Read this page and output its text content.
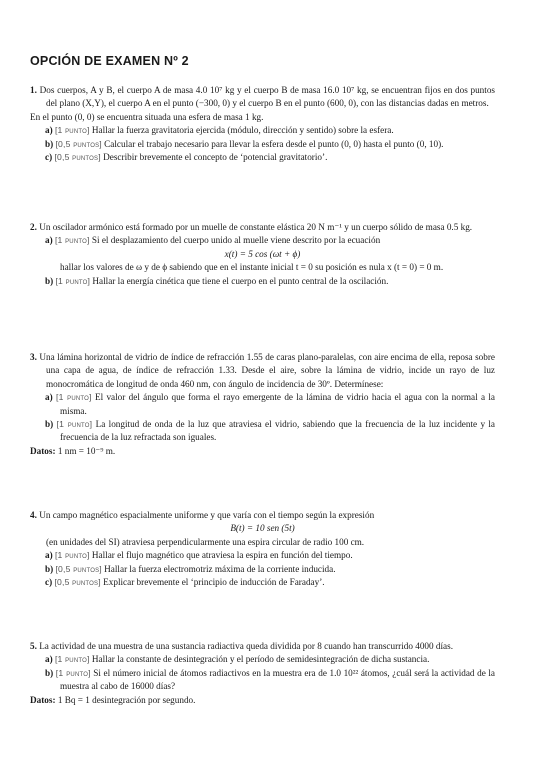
OPCIÓN DE EXAMEN Nº 2

1. Dos cuerpos, A y B, el cuerpo A de masa 4.0 10⁷ kg y el cuerpo B de masa 16.0 10⁷ kg, se encuentran fijos en dos puntos del plano (X,Y), el cuerpo A en el punto (−300, 0) y el cuerpo B en el punto (600, 0), con las distancias dadas en metros.

En el punto (0, 0) se encuentra situada una esfera de masa 1 kg.

a) [1 punto] Hallar la fuerza gravitatoria ejercida (módulo, dirección y sentido) sobre la esfera.

b) [0,5 puntos] Calcular el trabajo necesario para llevar la esfera desde el punto (0, 0) hasta el punto (0, 10).

c) [0,5 puntos] Describir brevemente el concepto de ‘potencial gravitatorio’.

2. Un oscilador armónico está formado por un muelle de constante elástica 20 N m⁻¹ y un cuerpo sólido de masa 0.5 kg.

a) [1 punto] Si el desplazamiento del cuerpo unido al muelle viene descrito por la ecuación

x(t) = 5 cos (ωt + ϕ)

hallar los valores de ω y de ϕ sabiendo que en el instante inicial t = 0 su posición es nula x (t = 0) = 0 m.

b) [1 punto] Hallar la energía cinética que tiene el cuerpo en el punto central de la oscilación.

3. Una lámina horizontal de vidrio de índice de refracción 1.55 de caras plano-paralelas, con aire encima de ella, reposa sobre una capa de agua, de índice de refracción 1.33. Desde el aire, sobre la lámina de vidrio, incide un rayo de luz monocromática de longitud de onda 460 nm, con ángulo de incidencia de 30º. Determínese:

a) [1 punto] El valor del ángulo que forma el rayo emergente de la lámina de vidrio hacia el agua con la normal a la misma.

b) [1 punto] La longitud de onda de la luz que atraviesa el vidrio, sabiendo que la frecuencia de la luz incidente y la frecuencia de la luz refractada son iguales.

Datos: 1 nm = 10⁻⁹ m.

4. Un campo magnético espacialmente uniforme y que varía con el tiempo según la expresión

B(t) = 10 sen (5t)

(en unidades del SI) atraviesa perpendicularmente una espira circular de radio 100 cm.

a) [1 punto] Hallar el flujo magnético que atraviesa la espira en función del tiempo.

b) [0,5 puntos] Hallar la fuerza electromotriz máxima de la corriente inducida.

c) [0,5 puntos] Explicar brevemente el ‘principio de inducción de Faraday’.

5. La actividad de una muestra de una sustancia radiactiva queda dividida por 8 cuando han transcurrido 4000 días.

a) [1 punto] Hallar la constante de desintegración y el período de semidesintegración de dicha sustancia.

b) [1 punto] Si el número inicial de átomos radiactivos en la muestra era de 1.0 10²² átomos, ¿cuál será la actividad de la muestra al cabo de 16000 días?

Datos: 1 Bq = 1 desintegración por segundo.
